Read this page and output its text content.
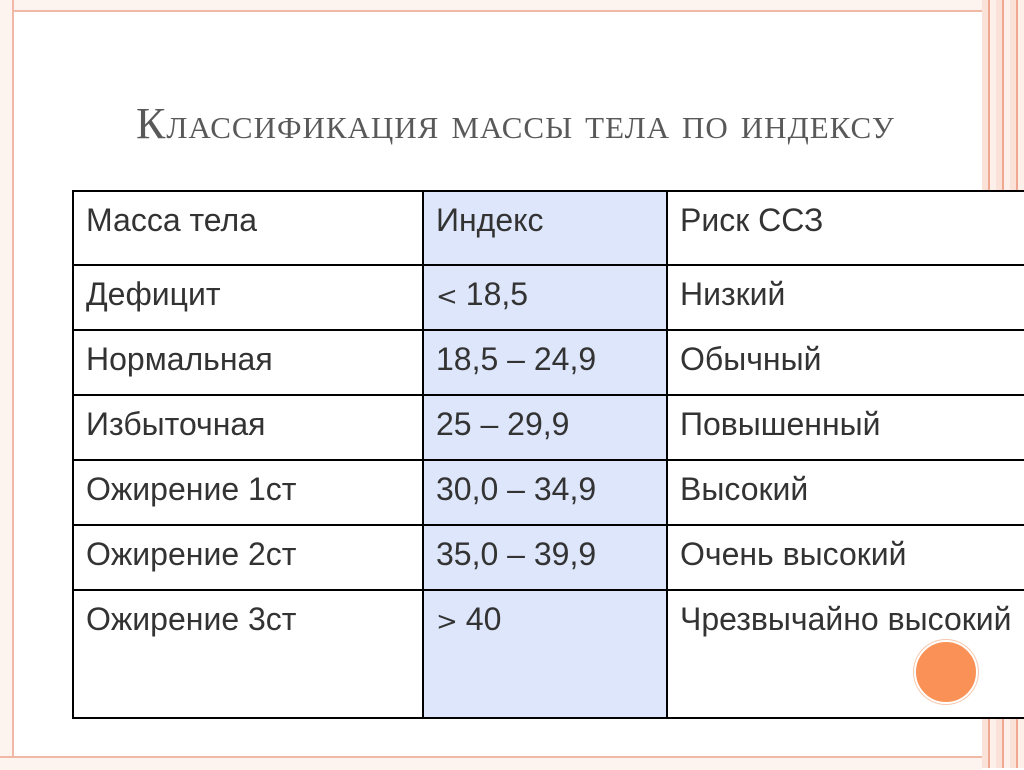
Классификация массы тела по индексу
Масса тела	Индекс	Риск ССЗ
Дефицит	< 18,5	Низкий
Нормальная	18,5 – 24,9	Обычный
Избыточная	25 – 29,9	Повышенный
Ожирение 1ст	30,0 – 34,9	Высокий
Ожирение 2ст	35,0 – 39,9	Очень высокий
Ожирение 3ст	> 40	Чрезвычайно высокий
